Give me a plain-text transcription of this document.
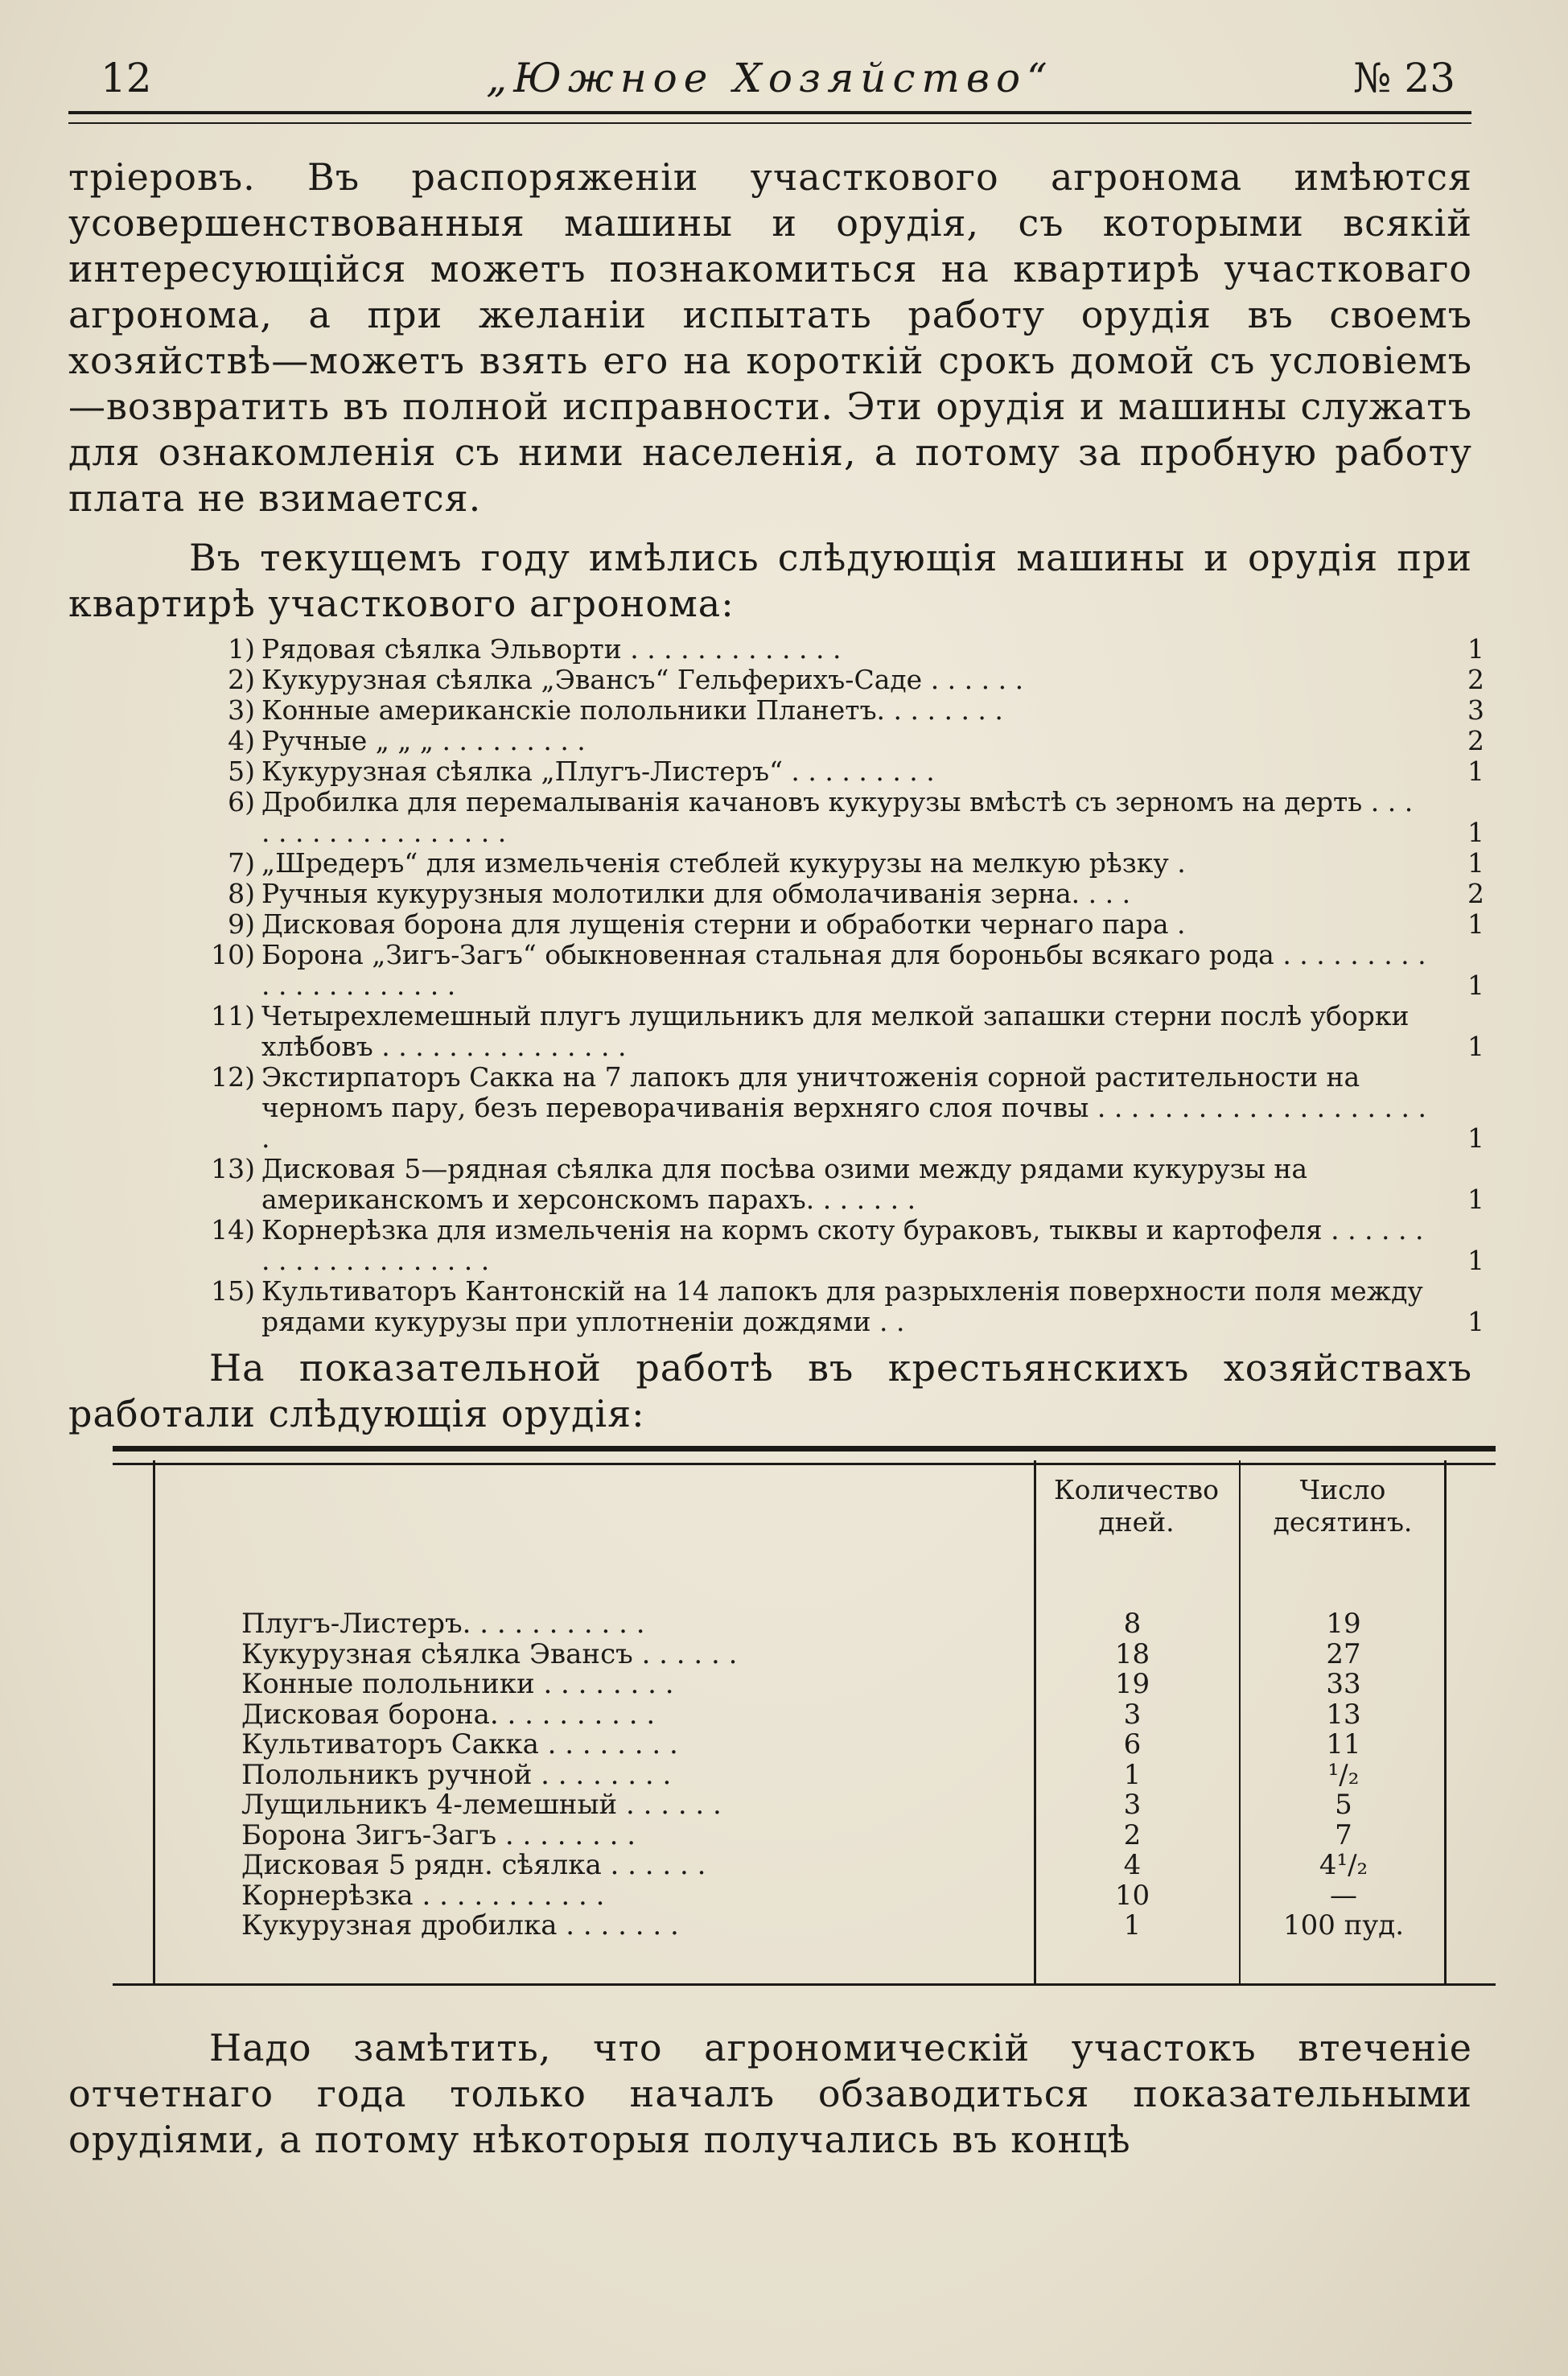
12	„Южное Хозяйство“	№ 23

тріеровъ. Въ распоряженіи участкового агронома имѣются усовершенствованныя машины и орудія, съ которыми всякій интересующійся можетъ познакомиться на квартирѣ участковаго агронома, а при желаніи испытать работу орудія въ своемъ хозяйствѣ—можетъ взять его на короткій срокъ домой съ условіемъ—возвратить въ полной исправности. Эти орудія и машины служатъ для ознакомленія съ ними населенія, а потому за пробную работу плата не взимается.

Въ текущемъ году имѣлись слѣдующія машины и орудія при квартирѣ участкового агронома:

1) Рядовая сѣялка Эльворти . . . . . . . . . . . . .	1
2) Кукурузная сѣялка „Эвансъ“ Гельферихъ-Саде . . . . . .	2
3) Конные американскіе полольники Планетъ. . . . . . . .	3
4) Ручные „ „ „ . . . . . . . . .	2
5) Кукурузная сѣялка „Плугъ-Листеръ“ . . . . . . . . .	1
6) Дробилка для перемалыванія качановъ кукурузы вмѣстѣ съ зерномъ на дерть . . . . . . . . . . . . . . . . . .	1
7) „Шредеръ“ для измельченія стеблей кукурузы на мелкую рѣзку .	1
8) Ручныя кукурузныя молотилки для обмолачиванія зерна. . . .	2
9) Дисковая борона для лущенія стерни и обработки чернаго пара .	1
10) Борона „Зигъ-Загъ“ обыкновенная стальная для бороньбы всякаго рода . . . . . . . . . . . . . . . . . . . . .	1
11) Четырехлемешный плугъ лущильникъ для мелкой запашки стерни послѣ уборки хлѣбовъ . . . . . . . . . . . . . . .	1
12) Экстирпаторъ Сакка на 7 лапокъ для уничтоженія сорной растительности на черномъ пару, безъ переворачиванія верхняго слоя почвы . . . . . . . . . . . . . . . . . . . . .	1
13) Дисковая 5—рядная сѣялка для посѣва озими между рядами кукурузы на американскомъ и херсонскомъ парахъ. . . . . . .	1
14) Корнерѣзка для измельченія на кормъ скоту бураковъ, тыквы и картофеля . . . . . . . . . . . . . . . . . . . .	1
15) Культиваторъ Кантонскій на 14 лапокъ для разрыхленія поверхности поля между рядами кукурузы при уплотненіи дождями . .	1

На показательной работѣ въ крестьянскихъ хозяйствахъ работали слѣдующія орудія:

Количество дней.
Число десятинъ.
Плугъ-Листеръ. . . . . . . . . . .	8	19
Кукурузная сѣялка Эвансъ . . . . . .	18	27
Конные полольники . . . . . . . .	19	33
Дисковая борона. . . . . . . . . .	3	13
Культиваторъ Сакка . . . . . . . .	6	11
Полольникъ ручной . . . . . . . .	1	¹/₂
Лущильникъ 4-лемешный . . . . . .	3	5
Борона Зигъ-Загъ . . . . . . . .	2	7
Дисковая 5 рядн. сѣялка . . . . . .	4	4¹/₂
Корнерѣзка . . . . . . . . . . .	10	—
Кукурузная дробилка . . . . . . .	1	100 пуд.

Надо замѣтить, что агрономическій участокъ втеченіе отчетнаго года только началъ обзаводиться показательными орудіями, а потому нѣкоторыя получались въ концѣ
